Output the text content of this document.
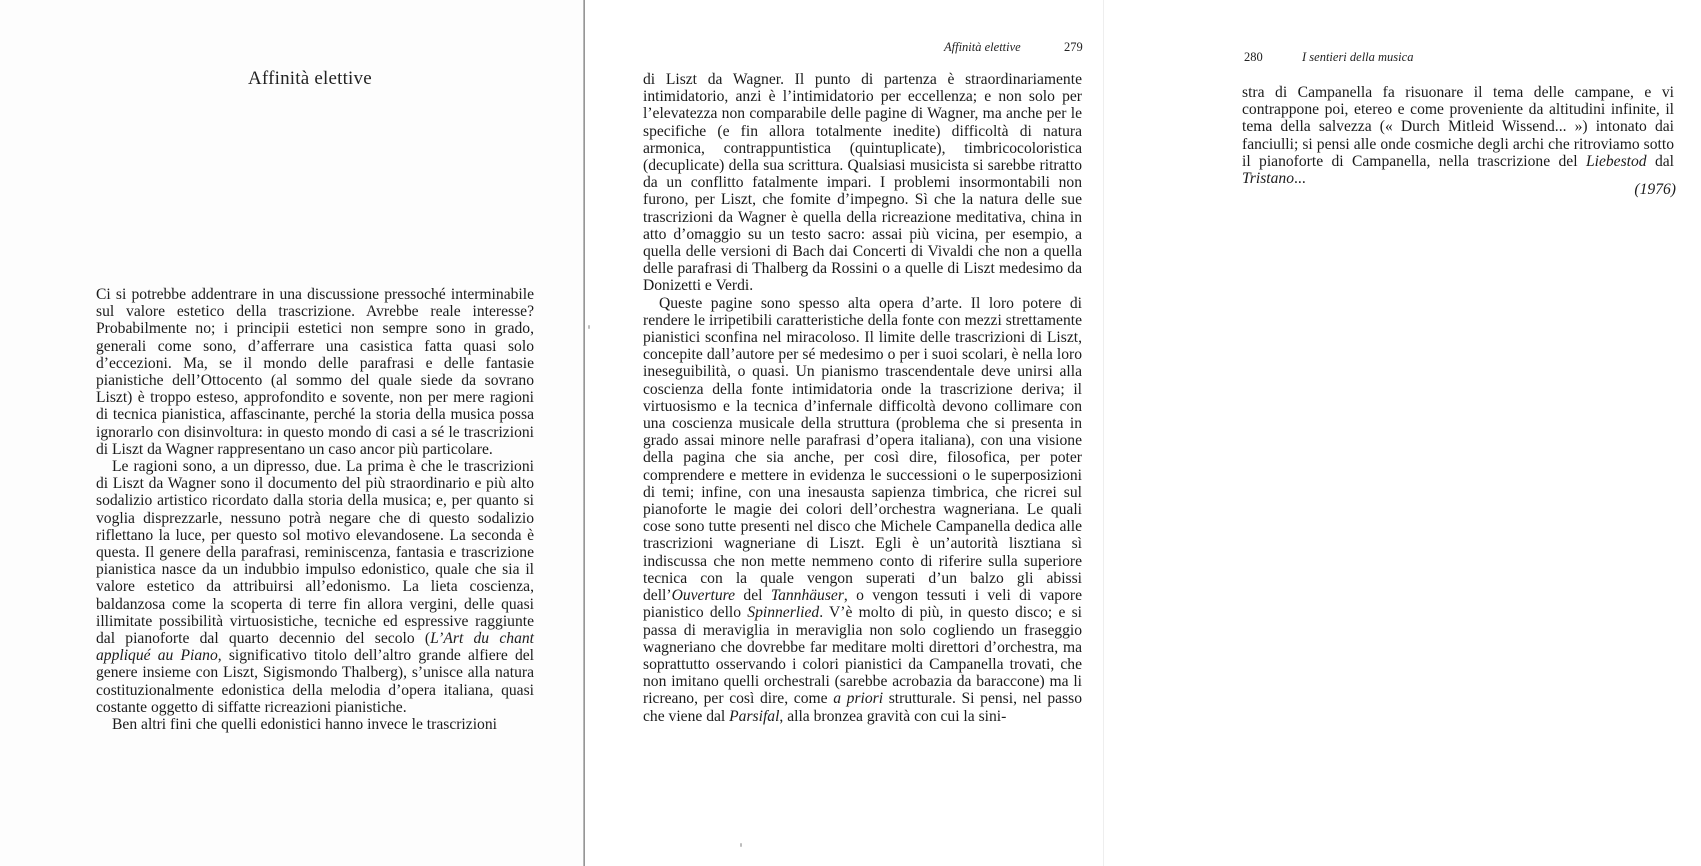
Affinità elettive

Ci si potrebbe addentrare in una discussione pressoché interminabile sul valore estetico della trascrizione. Avrebbe reale interesse? Probabilmente no; i principii estetici non sempre sono in grado, generali come sono, d’afferrare una casistica fatta quasi solo d’eccezioni. Ma, se il mondo delle parafrasi e delle fantasie pianistiche dell’Ottocento (al sommo del quale siede da sovrano Liszt) è troppo esteso, approfondito e sovente, non per mere ragioni di tecnica pianistica, affascinante, perché la storia della musica possa ignorarlo con disinvoltura: in questo mondo di casi a sé le trascrizioni di Liszt da Wagner rappresentano un caso ancor più particolare.

Le ragioni sono, a un dipresso, due. La prima è che le trascrizioni di Liszt da Wagner sono il documento del più straordinario e più alto sodalizio artistico ricordato dalla storia della musica; e, per quanto si voglia disprezzarle, nessuno potrà negare che di questo sodalizio riflettano la luce, per questo sol motivo elevandosene. La seconda è questa. Il genere della parafrasi, reminiscenza, fantasia e trascrizione pianistica nasce da un indubbio impulso edonistico, quale che sia il valore estetico da attribuirsi all’edonismo. La lieta coscienza, baldanzosa come la scoperta di terre fin allora vergini, delle quasi illimitate possibilità virtuosistiche, tecniche ed espressive raggiunte dal pianoforte dal quarto decennio del secolo (L’Art du chant appliqué au Piano, significativo titolo dell’altro grande alfiere del genere insieme con Liszt, Sigismondo Thalberg), s’unisce alla natura costituzionalmente edonistica della melodia d’opera italiana, quasi costante oggetto di siffatte ricreazioni pianistiche.

Ben altri fini che quelli edonistici hanno invece le trascrizioni

Affinità elettive	279

di Liszt da Wagner. Il punto di partenza è straordinariamente intimidatorio, anzi è l’intimidatorio per eccellenza; e non solo per l’elevatezza non comparabile delle pagine di Wagner, ma anche per le specifiche (e fin allora totalmente inedite) difficoltà di natura armonica, contrappuntistica (quintuplicate), timbricocoloristica (decuplicate) della sua scrittura. Qualsiasi musicista si sarebbe ritratto da un conflitto fatalmente impari. I problemi insormontabili non furono, per Liszt, che fomite d’impegno. Sì che la natura delle sue trascrizioni da Wagner è quella della ricreazione meditativa, china in atto d’omaggio su un testo sacro: assai più vicina, per esempio, a quella delle versioni di Bach dai Concerti di Vivaldi che non a quella delle parafrasi di Thalberg da Rossini o a quelle di Liszt medesimo da Donizetti e Verdi.

Queste pagine sono spesso alta opera d’arte. Il loro potere di rendere le irripetibili caratteristiche della fonte con mezzi strettamente pianistici sconfina nel miracoloso. Il limite delle trascrizioni di Liszt, concepite dall’autore per sé medesimo o per i suoi scolari, è nella loro ineseguibilità, o quasi. Un pianismo trascendentale deve unirsi alla coscienza della fonte intimidatoria onde la trascrizione deriva; il virtuosismo e la tecnica d’infernale difficoltà devono collimare con una coscienza musicale della struttura (problema che si presenta in grado assai minore nelle parafrasi d’opera italiana), con una visione della pagina che sia anche, per così dire, filosofica, per poter comprendere e mettere in evidenza le successioni o le superposizioni di temi; infine, con una inesausta sapienza timbrica, che ricrei sul pianoforte le magie dei colori dell’orchestra wagneriana. Le quali cose sono tutte presenti nel disco che Michele Campanella dedica alle trascrizioni wagneriane di Liszt. Egli è un’autorità lisztiana sì indiscussa che non mette nemmeno conto di riferire sulla superiore tecnica con la quale vengon superati d’un balzo gli abissi dell’Ouverture del Tannhäuser, o vengon tessuti i veli di vapore pianistico dello Spinnerlied. V’è molto di più, in questo disco; e si passa di meraviglia in meraviglia non solo cogliendo un fraseggio wagneriano che dovrebbe far meditare molti direttori d’orchestra, ma soprattutto osservando i colori pianistici da Campanella trovati, che non imitano quelli orchestrali (sarebbe acrobazia da baraccone) ma li ricreano, per così dire, come a priori strutturale. Si pensi, nel passo che viene dal Parsifal, alla bronzea gravità con cui la sini-

280	I sentieri della musica

stra di Campanella fa risuonare il tema delle campane, e vi contrappone poi, etereo e come proveniente da altitudini infinite, il tema della salvezza (« Durch Mitleid Wissend... ») intonato dai fanciulli; si pensi alle onde cosmiche degli archi che ritroviamo sotto il pianoforte di Campanella, nella trascrizione del Liebestod dal Tristano...

(1976)
